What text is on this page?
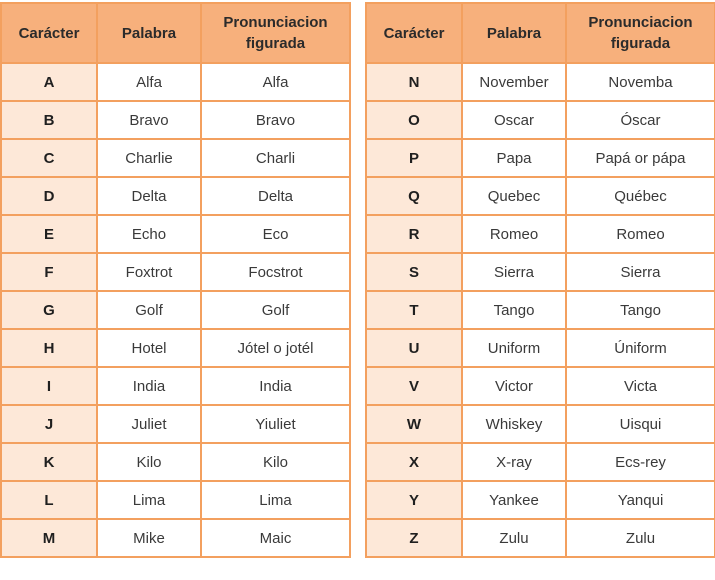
Carácter	Palabra	Pronunciacion figurada
A	Alfa	Alfa
B	Bravo	Bravo
C	Charlie	Charli
D	Delta	Delta
E	Echo	Eco
F	Foxtrot	Focstrot
G	Golf	Golf
H	Hotel	Jótel o jotél
I	India	India
J	Juliet	Yiuliet
K	Kilo	Kilo
L	Lima	Lima
M	Mike	Maic
Carácter	Palabra	Pronunciacion figurada
N	November	Novemba
O	Oscar	Óscar
P	Papa	Papá or pápa
Q	Quebec	Québec
R	Romeo	Romeo
S	Sierra	Sierra
T	Tango	Tango
U	Uniform	Úniform
V	Victor	Victa
W	Whiskey	Uisqui
X	X-ray	Ecs-rey
Y	Yankee	Yanqui
Z	Zulu	Zulu
